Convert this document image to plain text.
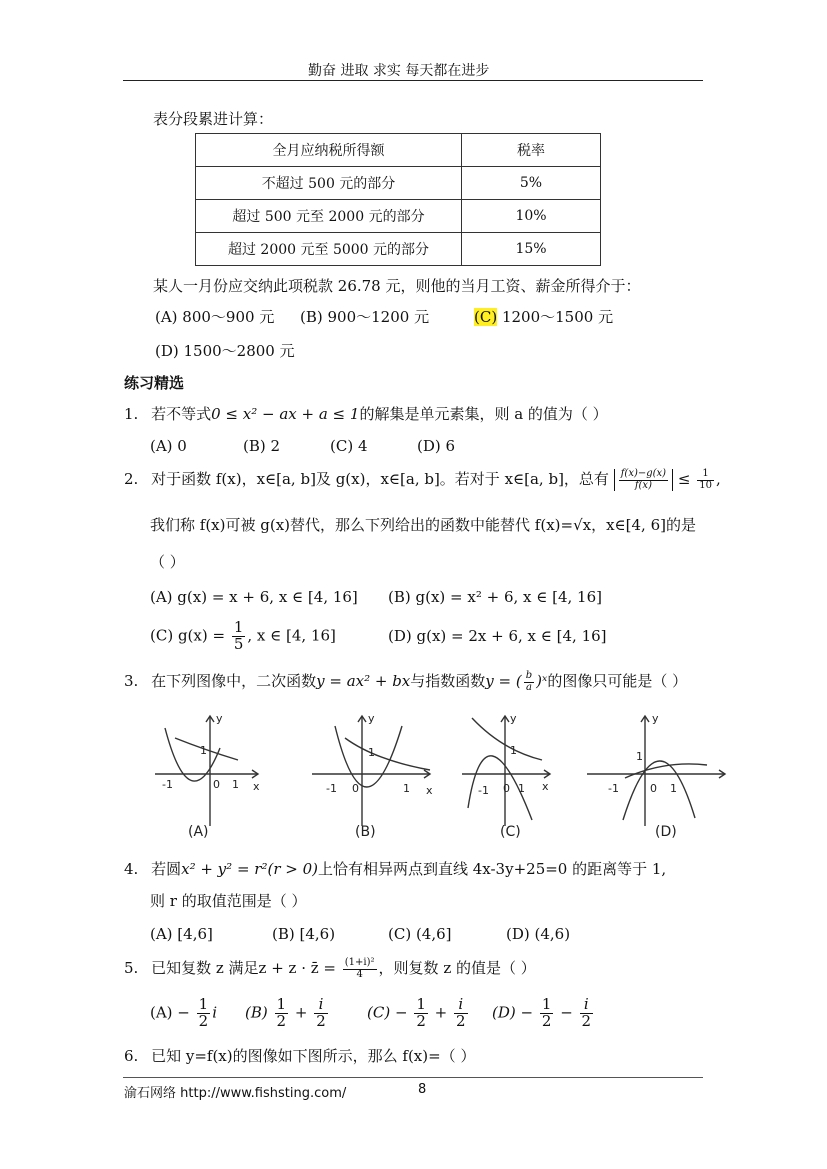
勤奋 进取 求实 每天都在进步
表分段累进计算：
全月应纳税所得额	税率
不超过 500 元的部分	5%
超过 500 元至 2000 元的部分	10%
超过 2000 元至 5000 元的部分	15%
某人一月份应交纳此项税款 26.78 元，则他的当月工资、薪金所得介于：
(A) 800～900 元 (B) 900～1200 元	(C) 1200～1500 元
(D) 1500～2800 元
练习精选
1. 若不等式0 ≤ x² − ax + a ≤ 1的解集是单元素集，则 a 的值为（ ）
(A) 0	(B) 2	(C) 4	(D) 6
2. 对于函数 f(x)，x∈[a, b]及 g(x)，x∈[a, b]。若对于 x∈[a, b]，总有 $\frac{f(x)-g(x)}{f(x)} \le \frac{1}{10}$ ,
我们称 f(x)可被 g(x)替代，那么下列给出的函数中能替代 f(x)=√x，x∈[4, 6]的是
（ ）
(A) g(x) = x + 6, x ∈ [4, 16] (B) g(x) = x² + 6, x ∈ [4, 16]
(C) $g(x) = \frac{1}{5}$ , x ∈ [4, 16]	(D) g(x) = 2x + 6, x ∈ [4, 16]
3. 在下列图像中，二次函数y = ax² + bx与指数函数y = ( $\frac{b}{a}$ )ˣ的图像只可能是（ ）
y
1
-1	0 1 x
y
1
-1 0	1 x
y
1
-1 0 1 x
y
1
-1	0 1
(A)	(B)	(C)	(D)
4. 若圆x² + y² = r²(r > 0)上恰有相异两点到直线 4x-3y+25=0 的距离等于 1,
则 r 的取值范围是（ ）
(A) [4,6]	(B) [4,6)	(C) (4,6]	(D) (4,6)
5. 已知复数 z 满足z + z · z̄ = $\frac{\text{(1+i)²}}{4}$ ，则复数 z 的值是（ ）
$(A) - \frac{1}{2}$ i $(B) \frac{1}{2} + \frac{i}{2}$	$(C) - \frac{1}{2} + \frac{i}{2} (D) - \frac{1}{2} - \frac{i}{2}$
6. 已知 y=f(x)的图像如下图所示，那么 f(x)=（ ）
渝石网络 http://www.fishsting.com/	8
